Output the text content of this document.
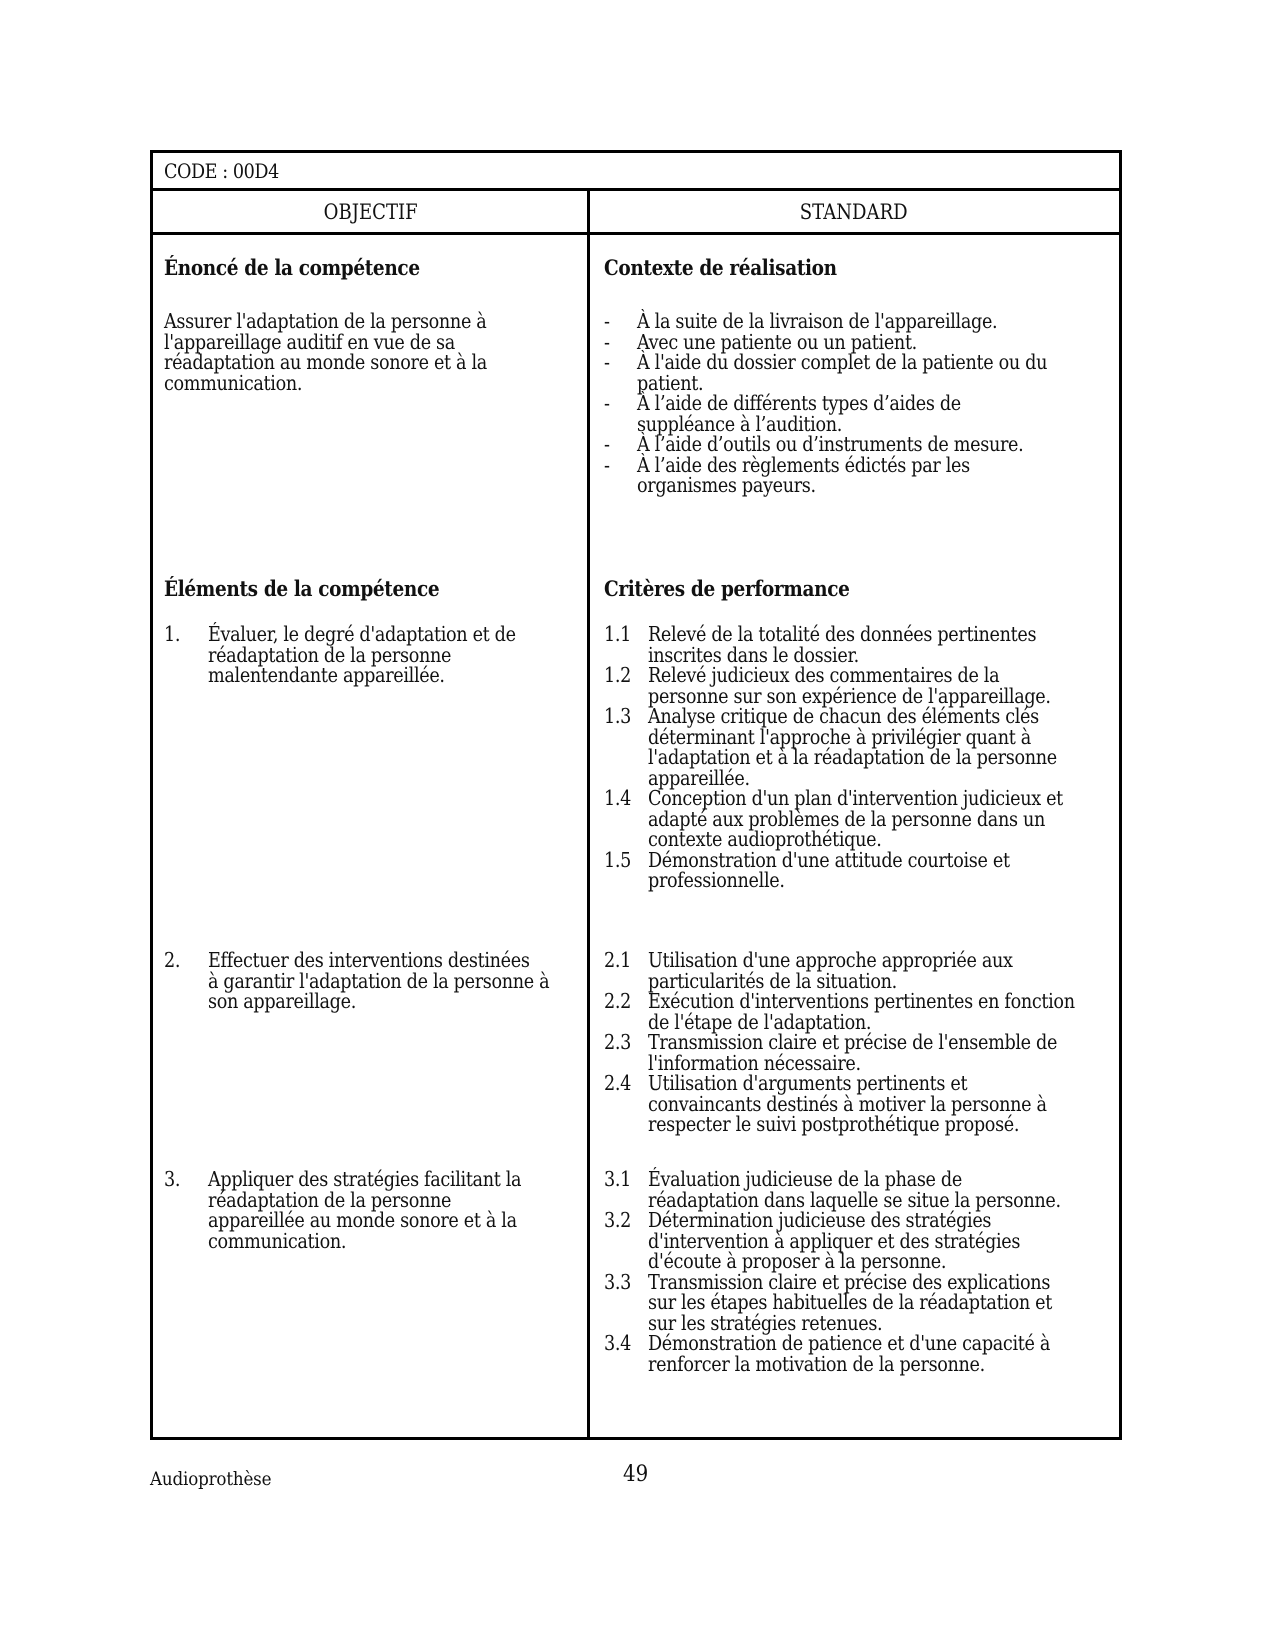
CODE : 00D4
OBJECTIF	STANDARD
Énoncé de la compétence
Assurer l'adaptation de la personne à
l'appareillage auditif en vue de sa
réadaptation au monde sonore et à la
communication.
Éléments de la compétence
1. Évaluer, le degré d'adaptation et de
réadaptation de la personne
malentendante appareillée.
2. Effectuer des interventions destinées
à garantir l'adaptation de la personne à
son appareillage.
3. Appliquer des stratégies facilitant la
réadaptation de la personne
appareillée au monde sonore et à la
communication.
Contexte de réalisation
- À la suite de la livraison de l'appareillage.
- Avec une patiente ou un patient.
- À l'aide du dossier complet de la patiente ou du
patient.
- À l’aide de différents types d’aides de
suppléance à l’audition.
- À l’aide d’outils ou d’instruments de mesure.
- À l’aide des règlements édictés par les
organismes payeurs.
Critères de performance
1.1 Relevé de la totalité des données pertinentes
inscrites dans le dossier.
1.2 Relevé judicieux des commentaires de la
personne sur son expérience de l'appareillage.
1.3 Analyse critique de chacun des éléments clés
déterminant l'approche à privilégier quant à
l'adaptation et à la réadaptation de la personne
appareillée.
1.4 Conception d'un plan d'intervention judicieux et
adapté aux problèmes de la personne dans un
contexte audioprothétique.
1.5 Démonstration d'une attitude courtoise et
professionnelle.
2.1 Utilisation d'une approche appropriée aux
particularités de la situation.
2.2 Exécution d'interventions pertinentes en fonction
de l'étape de l'adaptation.
2.3 Transmission claire et précise de l'ensemble de
l'information nécessaire.
2.4 Utilisation d'arguments pertinents et
convaincants destinés à motiver la personne à
respecter le suivi postprothétique proposé.
3.1 Évaluation judicieuse de la phase de
réadaptation dans laquelle se situe la personne.
3.2 Détermination judicieuse des stratégies
d'intervention à appliquer et des stratégies
d'écoute à proposer à la personne.
3.3 Transmission claire et précise des explications
sur les étapes habituelles de la réadaptation et
sur les stratégies retenues.
3.4 Démonstration de patience et d'une capacité à
renforcer la motivation de la personne.
Audioprothèse	49
